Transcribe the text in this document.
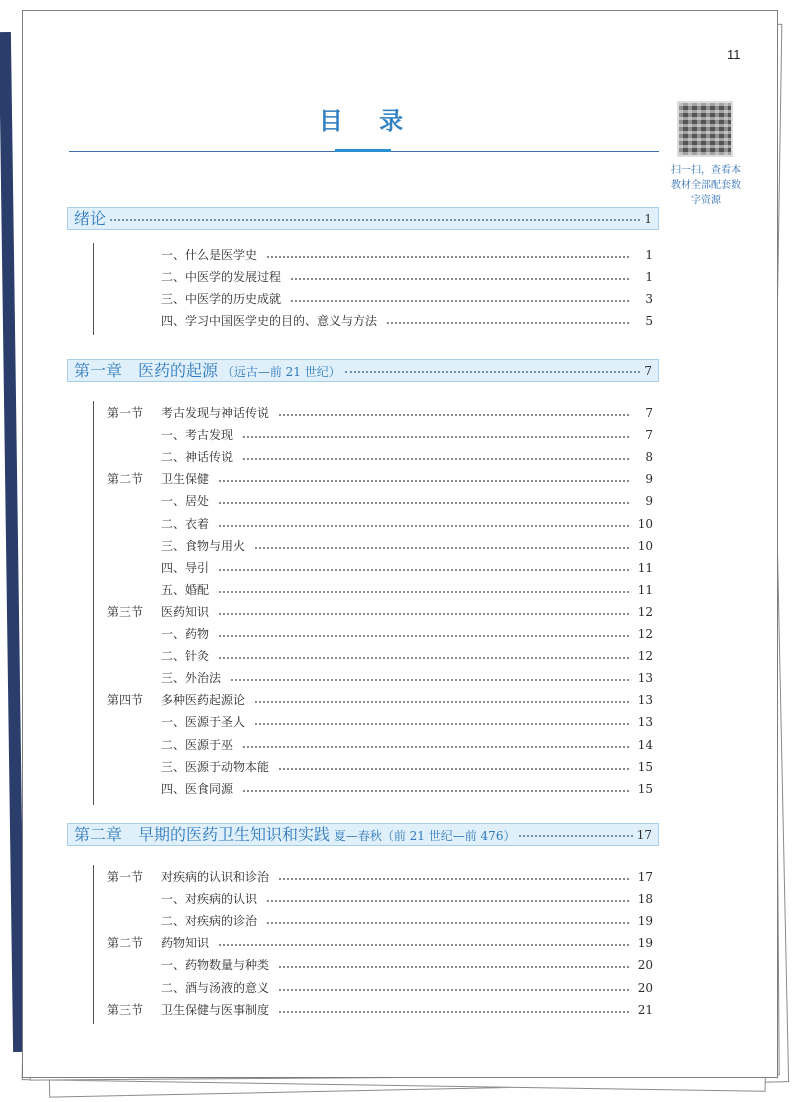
11
目 录
扫一扫，查看本教材全部配套数字资源
绪论	1
一、什么是医学史	1
二、中医学的发展过程	1
三、中医学的历史成就	3
四、学习中国医学史的目的、意义与方法	5
第一章　医药的起源 （远古—前 21 世纪）	7
第一节 考古发现与神话传说	7
一、考古发现	7
二、神话传说	8
第二节 卫生保健	9
一、居处	9
二、衣着	10
三、食物与用火	10
四、导引	11
五、婚配	11
第三节 医药知识	12
一、药物	12
二、针灸	12
三、外治法	13
第四节 多种医药起源论	13
一、医源于圣人	13
二、医源于巫	14
三、医源于动物本能	15
四、医食同源	15
第二章　早期的医药卫生知识和实践 夏—春秋（前 21 世纪—前 476）	17
第一节 对疾病的认识和诊治	17
一、对疾病的认识	18
二、对疾病的诊治	19
第二节 药物知识	19
一、药物数量与种类	20
二、酒与汤液的意义	20
第三节 卫生保健与医事制度	21
